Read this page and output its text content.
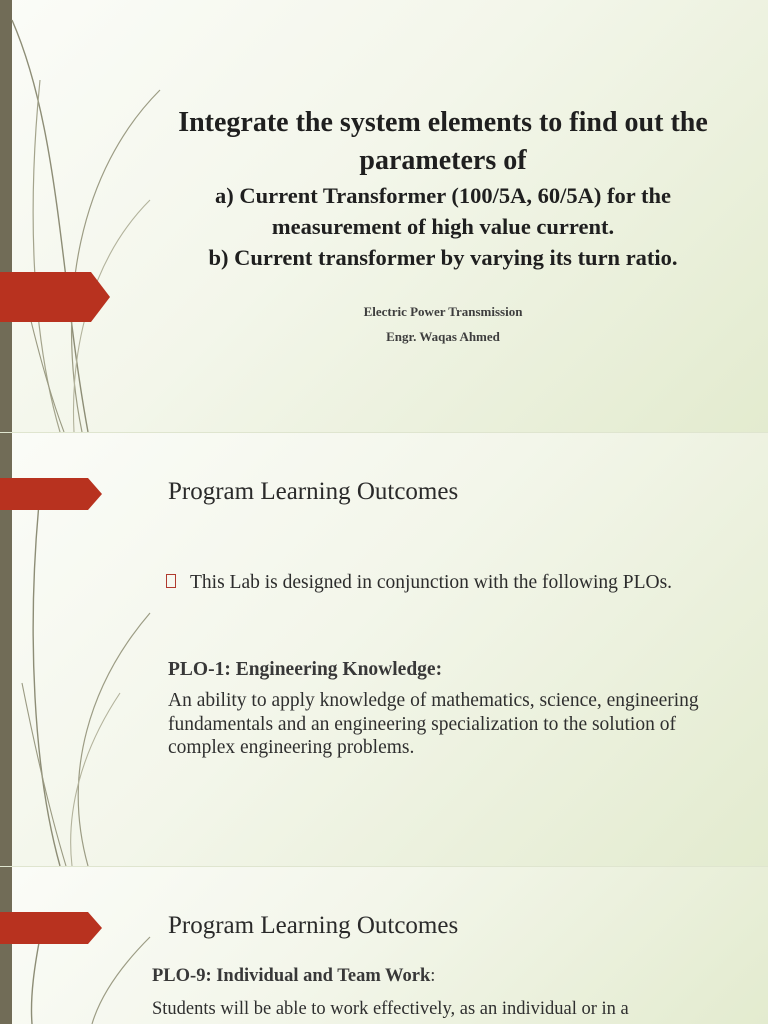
Integrate the system elements to find out the parameters of
a) Current Transformer (100/5A, 60/5A) for the measurement of high value current.
b) Current transformer by varying its turn ratio.
Electric Power Transmission
Engr. Waqas Ahmed
Program Learning Outcomes
This Lab is designed in conjunction with the following PLOs.
PLO-1: Engineering Knowledge:
An ability to apply knowledge of mathematics, science, engineering fundamentals and an engineering specialization to the solution of complex engineering problems.
Program Learning Outcomes
PLO-9: Individual and Team Work:
Students will be able to work effectively, as an individual or in a
